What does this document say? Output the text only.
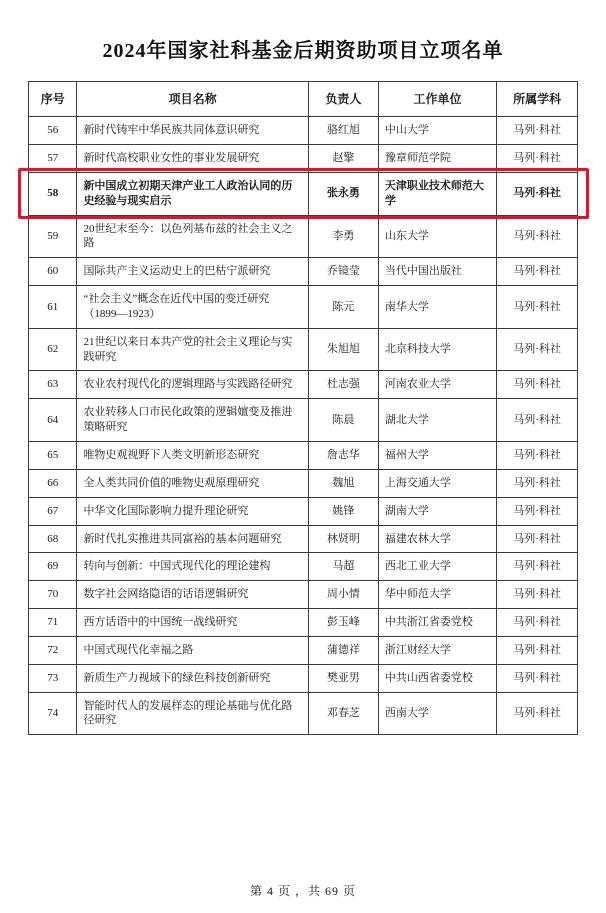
2024年国家社科基金后期资助项目立项名单
序号	项目名称	负责人	工作单位	所属学科
56	新时代铸牢中华民族共同体意识研究	骆红旭	中山大学	马列·科社
57	新时代高校职业女性的事业发展研究	赵擎	豫章师范学院	马列·科社
58	新中国成立初期天津产业工人政治认同的历史经验与现实启示	张永勇	天津职业技术师范大学	马列·科社
59	20世纪末至今：以色列基布兹的社会主义之路	李勇	山东大学	马列·科社
60	国际共产主义运动史上的巴枯宁派研究	乔镜莹	当代中国出版社	马列·科社
61	“社会主义”概念在近代中国的变迁研究（1899—1923）	陈元	南华大学	马列·科社
62	21世纪以来日本共产党的社会主义理论与实践研究	朱旭旭	北京科技大学	马列·科社
63	农业农村现代化的逻辑理路与实践路径研究	杜志强	河南农业大学	马列·科社
64	农业转移人口市民化政策的逻辑嬗变及推进策略研究	陈晨	湖北大学	马列·科社
65	唯物史观视野下人类文明新形态研究	詹志华	福州大学	马列·科社
66	全人类共同价值的唯物史观原理研究	魏旭	上海交通大学	马列·科社
67	中华文化国际影响力提升理论研究	姚锋	湖南大学	马列·科社
68	新时代扎实推进共同富裕的基本问题研究	林贤明	福建农林大学	马列·科社
69	转向与创新：中国式现代化的理论建构	马超	西北工业大学	马列·科社
70	数字社会网络隐语的话语逻辑研究	周小情	华中师范大学	马列·科社
71	西方话语中的中国统一战线研究	彭玉峰	中共浙江省委党校	马列·科社
72	中国式现代化幸福之路	蒲德祥	浙江财经大学	马列·科社
73	新质生产力视域下的绿色科技创新研究	樊亚男	中共山西省委党校	马列·科社
74	智能时代人的发展样态的理论基础与优化路径研究	邓春芝	西南大学	马列·科社
第 4 页 ，共 69 页
